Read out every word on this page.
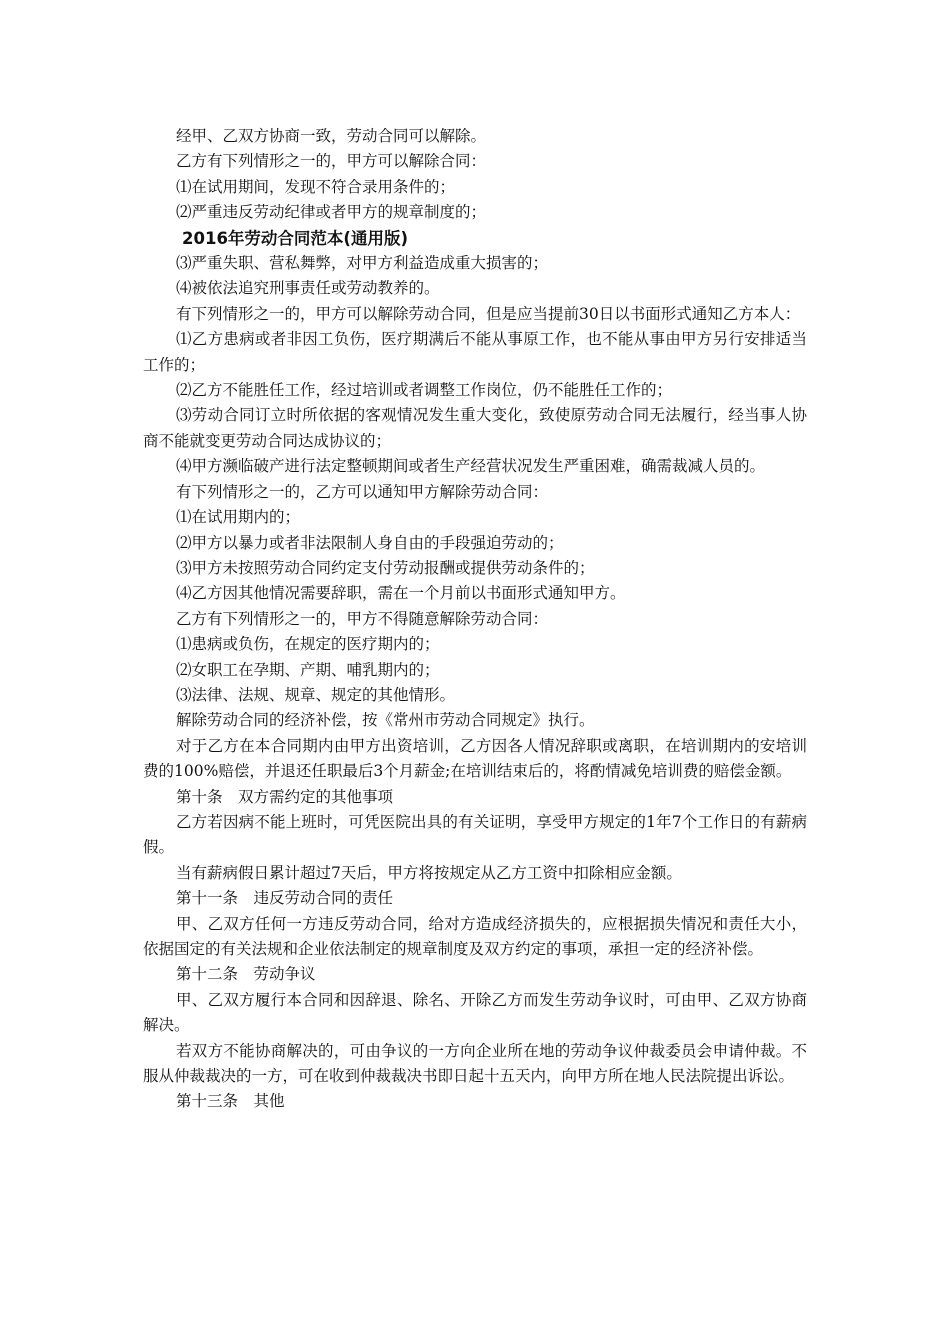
经甲、乙双方协商一致，劳动合同可以解除。

乙方有下列情形之一的，甲方可以解除合同：

⑴在试用期间，发现不符合录用条件的；

⑵严重违反劳动纪律或者甲方的规章制度的；

2016年劳动合同范本(通用版)

⑶严重失职、营私舞弊，对甲方利益造成重大损害的；

⑷被依法追究刑事责任或劳动教养的。

有下列情形之一的，甲方可以解除劳动合同，但是应当提前30日以书面形式通知乙方本人：

⑴乙方患病或者非因工负伤，医疗期满后不能从事原工作，也不能从事由甲方另行安排适当工作的；

⑵乙方不能胜任工作，经过培训或者调整工作岗位，仍不能胜任工作的；

⑶劳动合同订立时所依据的客观情况发生重大变化，致使原劳动合同无法履行，经当事人协商不能就变更劳动合同达成协议的；

⑷甲方濒临破产进行法定整顿期间或者生产经营状况发生严重困难，确需裁减人员的。

有下列情形之一的，乙方可以通知甲方解除劳动合同：

⑴在试用期内的；

⑵甲方以暴力或者非法限制人身自由的手段强迫劳动的；

⑶甲方未按照劳动合同约定支付劳动报酬或提供劳动条件的；

⑷乙方因其他情况需要辞职，需在一个月前以书面形式通知甲方。

乙方有下列情形之一的，甲方不得随意解除劳动合同：

⑴患病或负伤，在规定的医疗期内的；

⑵女职工在孕期、产期、哺乳期内的；

⑶法律、法规、规章、规定的其他情形。

解除劳动合同的经济补偿，按《常州市劳动合同规定》执行。

对于乙方在本合同期内由甲方出资培训，乙方因各人情况辞职或离职，在培训期内的安培训费的100%赔偿，并退还任职最后3个月薪金;在培训结束后的，将酌情减免培训费的赔偿金额。

第十条　双方需约定的其他事项

乙方若因病不能上班时，可凭医院出具的有关证明，享受甲方规定的1年7个工作日的有薪病假。

当有薪病假日累计超过7天后，甲方将按规定从乙方工资中扣除相应金额。

第十一条　违反劳动合同的责任

甲、乙双方任何一方违反劳动合同，给对方造成经济损失的，应根据损失情况和责任大小，依据国定的有关法规和企业依法制定的规章制度及双方约定的事项，承担一定的经济补偿。

第十二条　劳动争议

甲、乙双方履行本合同和因辞退、除名、开除乙方而发生劳动争议时，可由甲、乙双方协商解决。

若双方不能协商解决的，可由争议的一方向企业所在地的劳动争议仲裁委员会申请仲裁。不服从仲裁裁决的一方，可在收到仲裁裁决书即日起十五天内，向甲方所在地人民法院提出诉讼。

第十三条　其他
